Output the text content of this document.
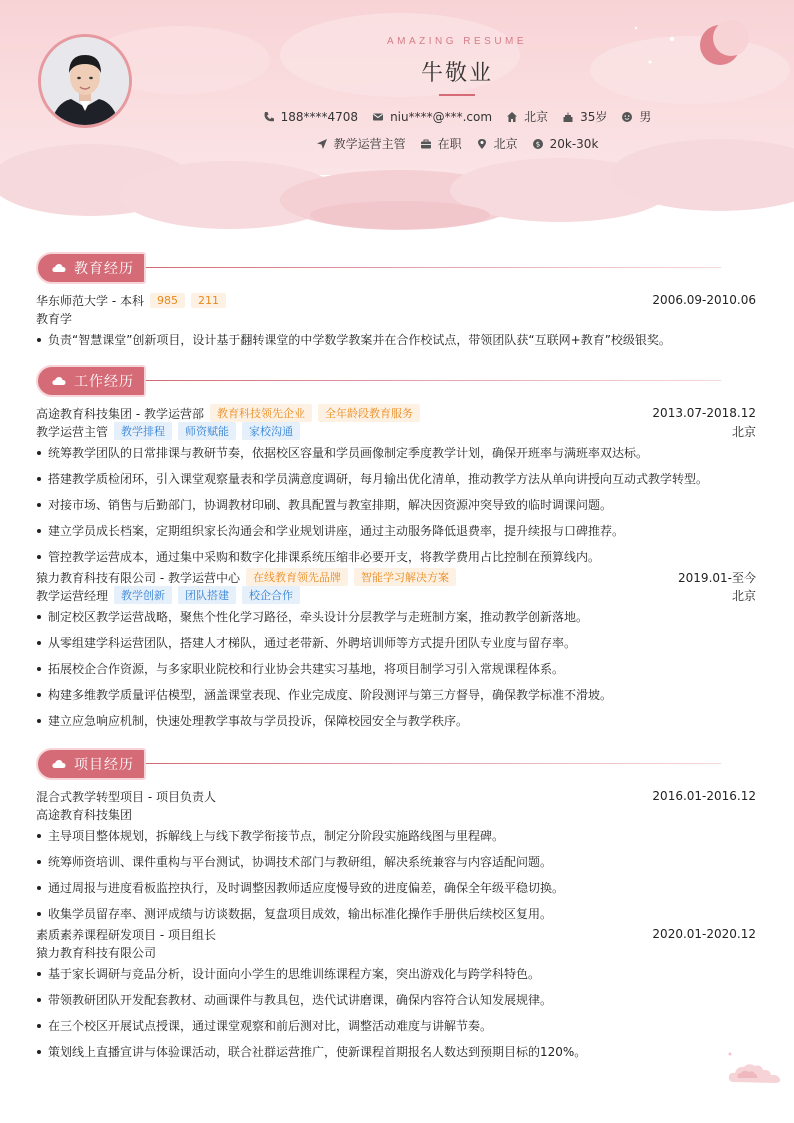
AMAZING RESUME
牛敬业
188****4708	niu****@***.com	北京	35岁	男
教学运营主管	在职	北京	$ 20k-30k
教育经历
华东师范大学 - 本科	985	211	2006.09-2010.06
教育学
负责“智慧课堂”创新项目，设计基于翻转课堂的中学数学教案并在合作校试点，带领团队获“互联网+教育”校级银奖。
工作经历
高途教育科技集团 - 教学运营部	教育科技领先企业	全年龄段教育服务	2013.07-2018.12
教学运营主管	教学排程	师资赋能	家校沟通	北京
统筹教学团队的日常排课与教研节奏，依据校区容量和学员画像制定季度教学计划，确保开班率与满班率双达标。
搭建教学质检闭环，引入课堂观察量表和学员满意度调研，每月输出优化清单，推动教学方法从单向讲授向互动式教学转型。
对接市场、销售与后勤部门，协调教材印刷、教具配置与教室排期，解决因资源冲突导致的临时调课问题。
建立学员成长档案，定期组织家长沟通会和学业规划讲座，通过主动服务降低退费率，提升续报与口碑推荐。
管控教学运营成本，通过集中采购和数字化排课系统压缩非必要开支，将教学费用占比控制在预算线内。
猿力教育科技有限公司 - 教学运营中心	在线教育领先品牌	智能学习解决方案	2019.01-至今
教学运营经理	教学创新	团队搭建	校企合作	北京
制定校区教学运营战略，聚焦个性化学习路径，牵头设计分层教学与走班制方案，推动教学创新落地。
从零组建学科运营团队，搭建人才梯队，通过老带新、外聘培训师等方式提升团队专业度与留存率。
拓展校企合作资源，与多家职业院校和行业协会共建实习基地，将项目制学习引入常规课程体系。
构建多维教学质量评估模型，涵盖课堂表现、作业完成度、阶段测评与第三方督导，确保教学标准不滑坡。
建立应急响应机制，快速处理教学事故与学员投诉，保障校园安全与教学秩序。
项目经历
混合式教学转型项目 - 项目负责人	2016.01-2016.12
高途教育科技集团
主导项目整体规划，拆解线上与线下教学衔接节点，制定分阶段实施路线图与里程碑。
统筹师资培训、课件重构与平台测试，协调技术部门与教研组，解决系统兼容与内容适配问题。
通过周报与进度看板监控执行，及时调整因教师适应度慢导致的进度偏差，确保全年级平稳切换。
收集学员留存率、测评成绩与访谈数据，复盘项目成效，输出标准化操作手册供后续校区复用。
素质素养课程研发项目 - 项目组长	2020.01-2020.12
猿力教育科技有限公司
基于家长调研与竞品分析，设计面向小学生的思维训练课程方案，突出游戏化与跨学科特色。
带领教研团队开发配套教材、动画课件与教具包，迭代试讲磨课，确保内容符合认知发展规律。
在三个校区开展试点授课，通过课堂观察和前后测对比，调整活动难度与讲解节奏。
策划线上直播宣讲与体验课活动，联合社群运营推广，使新课程首期报名人数达到预期目标的120%。
